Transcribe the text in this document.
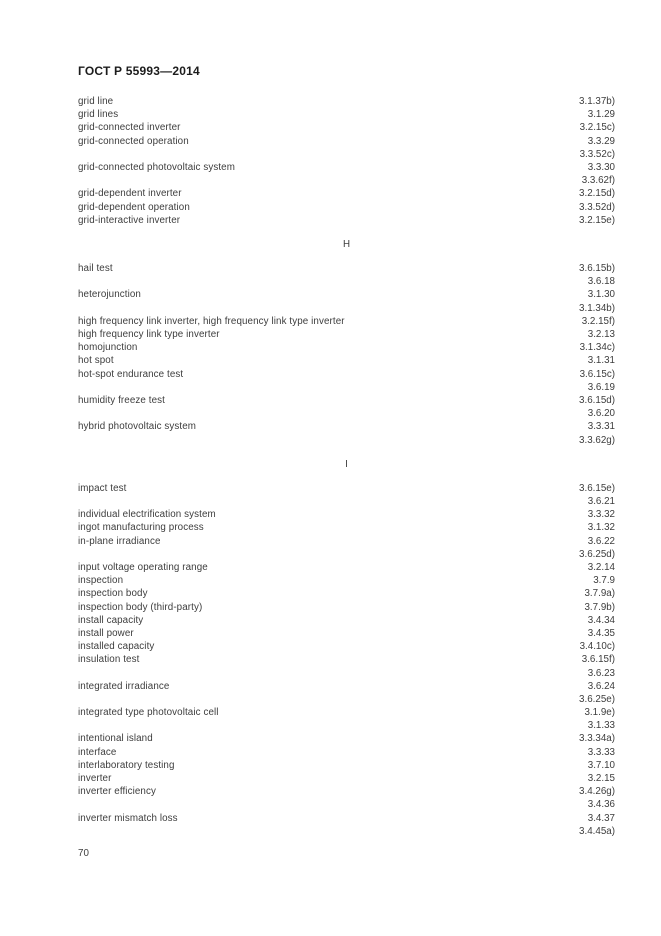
ГОСТ Р 55993—2014
grid line	3.1.37b)
grid lines	3.1.29
grid-connected inverter	3.2.15c)
grid-connected operation	3.3.29
3.3.52c)
grid-connected photovoltaic system	3.3.30
3.3.62f)
grid-dependent inverter	3.2.15d)
grid-dependent operation	3.3.52d)
grid-interactive inverter	3.2.15e)
H
hail test	3.6.15b)
3.6.18
heterojunction	3.1.30
3.1.34b)
high frequency link inverter, high frequency link type inverter	3.2.15f)
high frequency link type inverter	3.2.13
homojunction	3.1.34c)
hot spot	3.1.31
hot-spot endurance test	3.6.15c)
3.6.19
humidity freeze test	3.6.15d)
3.6.20
hybrid photovoltaic system	3.3.31
3.3.62g)
I
impact test	3.6.15e)
3.6.21
individual electrification system	3.3.32
ingot manufacturing process	3.1.32
in-plane irradiance	3.6.22
3.6.25d)
input voltage operating range	3.2.14
inspection	3.7.9
inspection body	3.7.9a)
inspection body (third-party)	3.7.9b)
install capacity	3.4.34
install power	3.4.35
installed capacity	3.4.10c)
insulation test	3.6.15f)
3.6.23
integrated irradiance	3.6.24
3.6.25e)
integrated type photovoltaic cell	3.1.9e)
3.1.33
intentional island	3.3.34a)
interface	3.3.33
interlaboratory testing	3.7.10
inverter	3.2.15
inverter efficiency	3.4.26g)
3.4.36
inverter mismatch loss	3.4.37
3.4.45a)
70
